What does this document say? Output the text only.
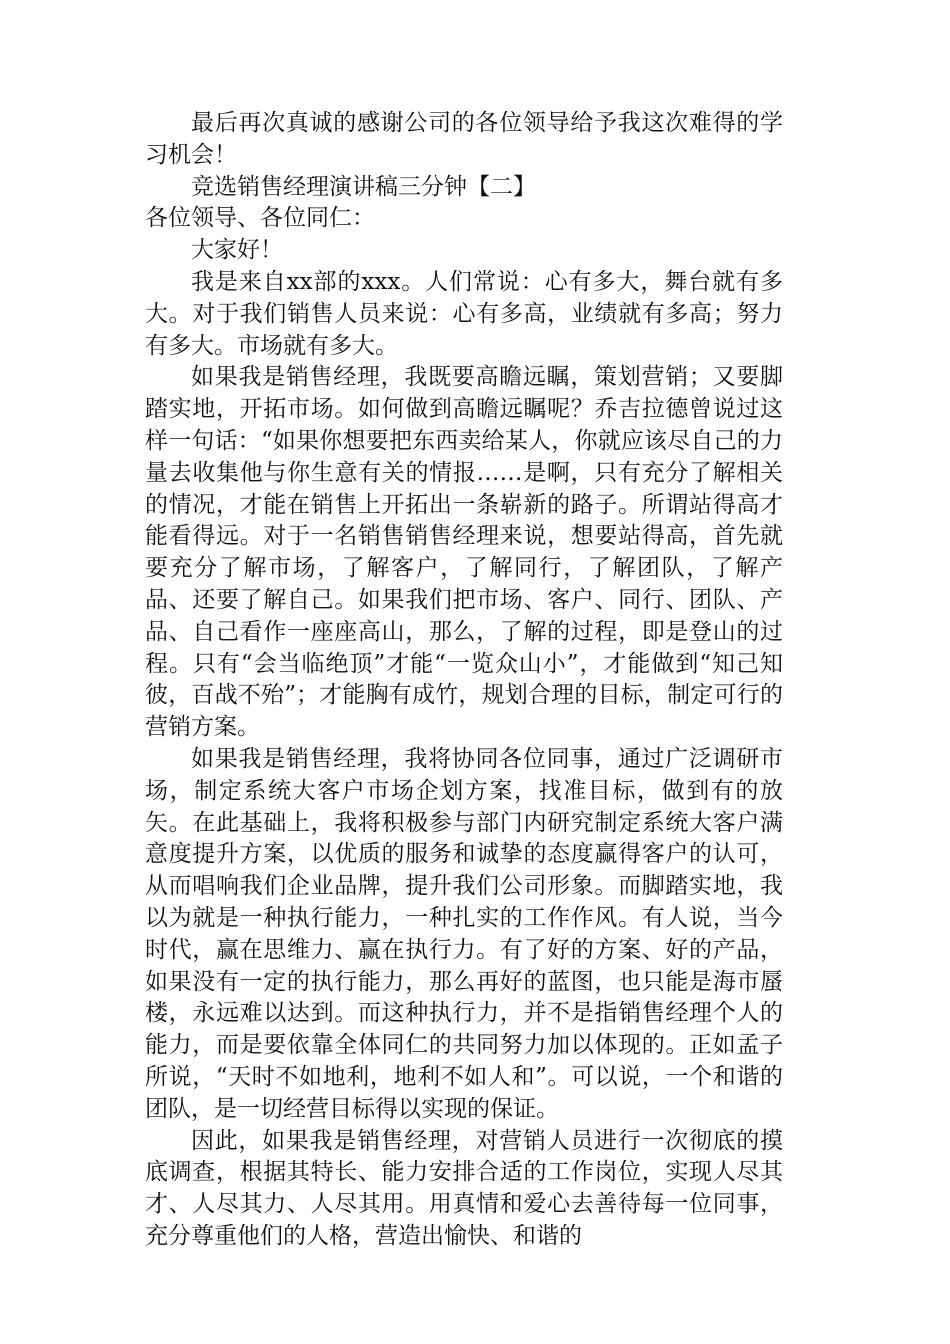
最后再次真诚的感谢公司的各位领导给予我这次难得的学习机会！

竞选销售经理演讲稿三分钟【二】

各位领导、各位同仁：

大家好！

我是来自xx部的xxx。人们常说：心有多大，舞台就有多大。对于我们销售人员来说：心有多高，业绩就有多高；努力有多大。市场就有多大。

如果我是销售经理，我既要高瞻远瞩，策划营销；又要脚踏实地，开拓市场。如何做到高瞻远瞩呢？乔吉拉德曾说过这样一句话：“如果你想要把东西卖给某人，你就应该尽自己的力量去收集他与你生意有关的情报……是啊，只有充分了解相关的情况，才能在销售上开拓出一条崭新的路子。所谓站得高才能看得远。对于一名销售销售经理来说，想要站得高，首先就要充分了解市场，了解客户，了解同行，了解团队，了解产品、还要了解自己。如果我们把市场、客户、同行、团队、产品、自己看作一座座高山，那么，了解的过程，即是登山的过程。只有“会当临绝顶”才能“一览众山小”，才能做到“知己知彼，百战不殆”；才能胸有成竹，规划合理的目标，制定可行的营销方案。

如果我是销售经理，我将协同各位同事，通过广泛调研市场，制定系统大客户市场企划方案，找准目标，做到有的放矢。在此基础上，我将积极参与部门内研究制定系统大客户满意度提升方案，以优质的服务和诚挚的态度赢得客户的认可，从而唱响我们企业品牌，提升我们公司形象。而脚踏实地，我以为就是一种执行能力，一种扎实的工作作风。有人说，当今时代，赢在思维力、赢在执行力。有了好的方案、好的产品，如果没有一定的执行能力，那么再好的蓝图，也只能是海市蜃楼，永远难以达到。而这种执行力，并不是指销售经理个人的能力，而是要依靠全体同仁的共同努力加以体现的。正如孟子所说，“天时不如地利，地利不如人和”。可以说，一个和谐的团队，是一切经营目标得以实现的保证。

因此，如果我是销售经理，对营销人员进行一次彻底的摸底调查，根据其特长、能力安排合适的工作岗位，实现人尽其才、人尽其力、人尽其用。用真情和爱心去善待每一位同事，充分尊重他们的人格，营造出愉快、和谐的
